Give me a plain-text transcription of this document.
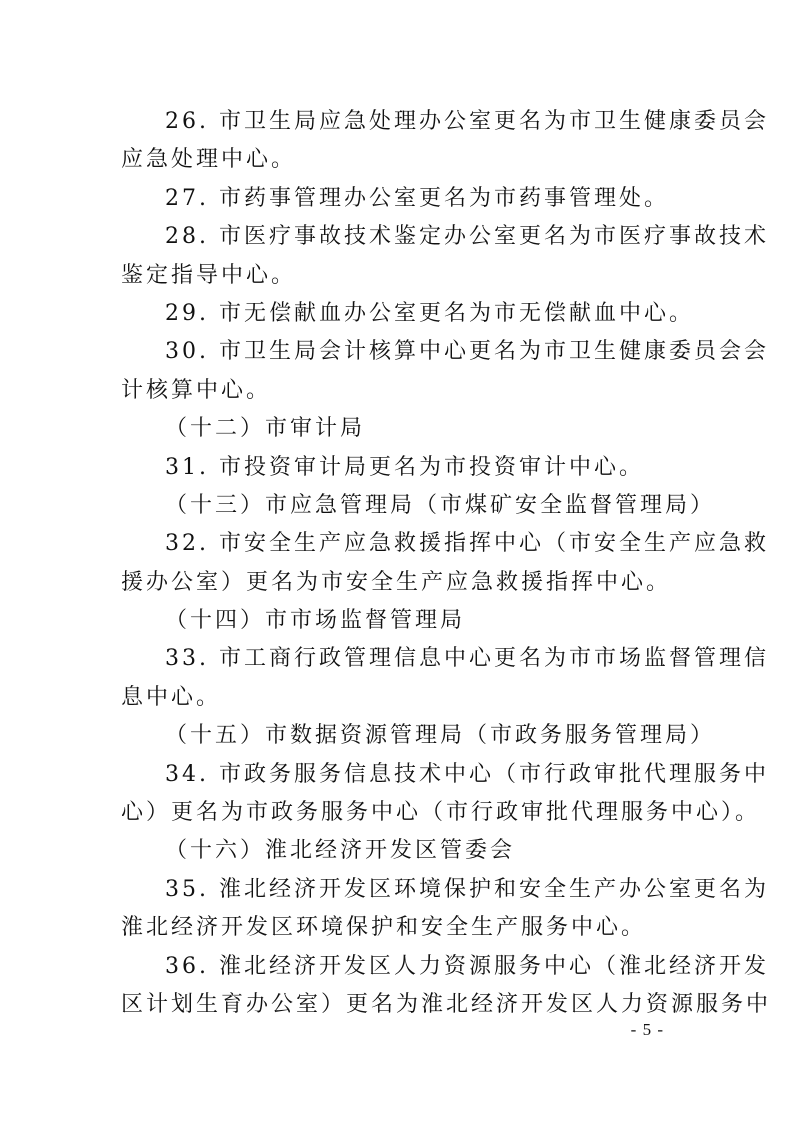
26. 市卫生局应急处理办公室更名为市卫生健康委员会
应急处理中心。
27. 市药事管理办公室更名为市药事管理处。
28. 市医疗事故技术鉴定办公室更名为市医疗事故技术
鉴定指导中心。
29. 市无偿献血办公室更名为市无偿献血中心。
30. 市卫生局会计核算中心更名为市卫生健康委员会会
计核算中心。
（十二）市审计局
31. 市投资审计局更名为市投资审计中心。
（十三）市应急管理局（市煤矿安全监督管理局）
32. 市安全生产应急救援指挥中心（市安全生产应急救
援办公室）更名为市安全生产应急救援指挥中心。
（十四）市市场监督管理局
33. 市工商行政管理信息中心更名为市市场监督管理信
息中心。
（十五）市数据资源管理局（市政务服务管理局）
34. 市政务服务信息技术中心（市行政审批代理服务中
心）更名为市政务服务中心（市行政审批代理服务中心）。
（十六）淮北经济开发区管委会
35. 淮北经济开发区环境保护和安全生产办公室更名为
淮北经济开发区环境保护和安全生产服务中心。
36. 淮北经济开发区人力资源服务中心（淮北经济开发
区计划生育办公室）更名为淮北经济开发区人力资源服务中
- 5 -
